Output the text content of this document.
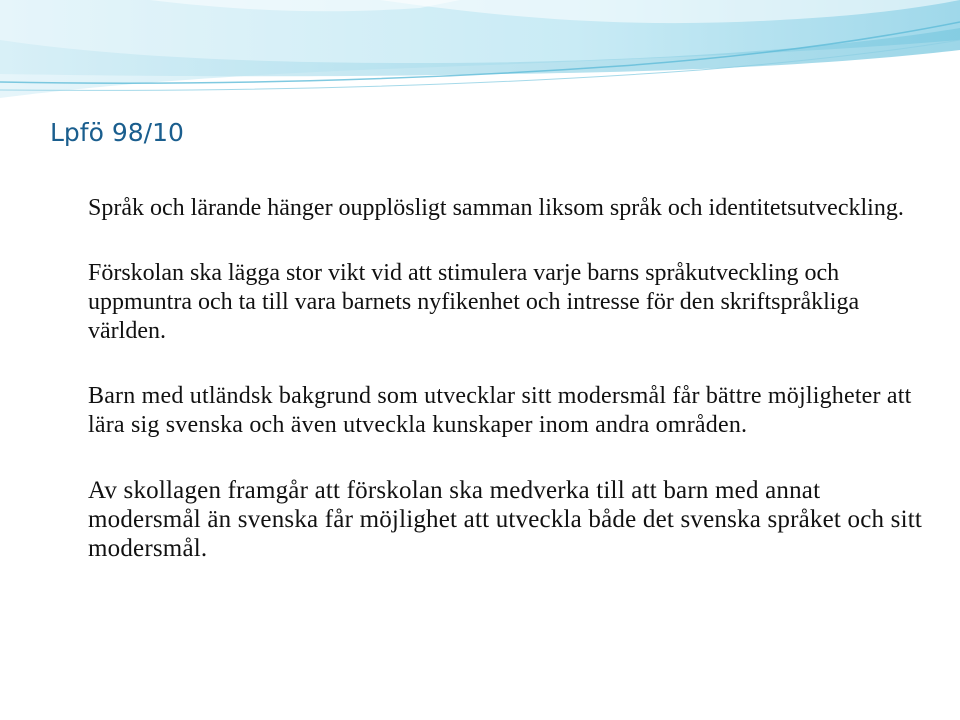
Lpfö 98/10

Språk och lärande hänger oupplösligt samman liksom språk och identitetsutveckling.

Förskolan ska lägga stor vikt vid att stimulera varje barns språkutveckling och uppmuntra och ta till vara barnets nyfikenhet och intresse för den skriftspråkliga världen.

Barn med utländsk bakgrund som utvecklar sitt modersmål får bättre möjligheter att lära sig svenska och även utveckla kunskaper inom andra områden.

Av skollagen framgår att förskolan ska medverka till att barn med annat modersmål än svenska får möjlighet att utveckla både det svenska språket och sitt modersmål.
